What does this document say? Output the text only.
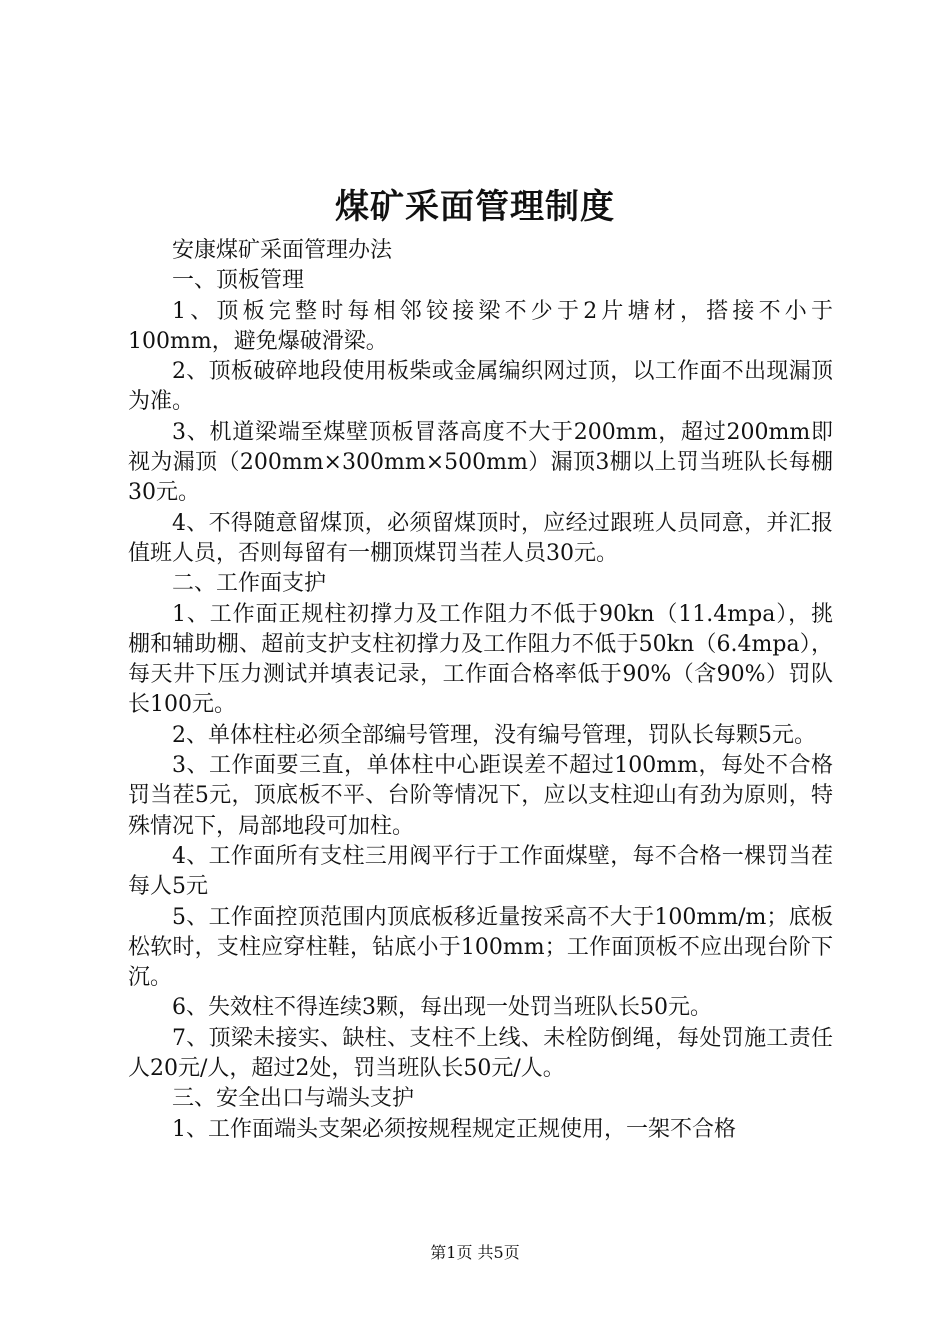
煤矿采面管理制度

安康煤矿采面管理办法

一、顶板管理

1、顶板完整时每相邻铰接梁不少于2片塘材，搭接不小于100mm，避免爆破滑梁。

2、顶板破碎地段使用板柴或金属编织网过顶，以工作面不出现漏顶为准。

3、机道梁端至煤壁顶板冒落高度不大于200mm，超过200mm即视为漏顶（200mm×300mm×500mm）漏顶3棚以上罚当班队长每棚30元。

4、不得随意留煤顶，必须留煤顶时，应经过跟班人员同意，并汇报值班人员，否则每留有一棚顶煤罚当茬人员30元。

二、工作面支护

1、工作面正规柱初撑力及工作阻力不低于90kn（11.4mpa），挑棚和辅助棚、超前支护支柱初撑力及工作阻力不低于50kn（6.4mpa），每天井下压力测试并填表记录，工作面合格率低于90%（含90%）罚队长100元。

2、单体柱柱必须全部编号管理，没有编号管理，罚队长每颗5元。

3、工作面要三直，单体柱中心距误差不超过100mm，每处不合格罚当茬5元，顶底板不平、台阶等情况下，应以支柱迎山有劲为原则，特殊情况下，局部地段可加柱。

4、工作面所有支柱三用阀平行于工作面煤壁，每不合格一棵罚当茬每人5元

5、工作面控顶范围内顶底板移近量按采高不大于100mm/m；底板松软时，支柱应穿柱鞋，钻底小于100mm；工作面顶板不应出现台阶下沉。

6、失效柱不得连续3颗，每出现一处罚当班队长50元。

7、顶梁未接实、缺柱、支柱不上线、未栓防倒绳，每处罚施工责任人20元/人，超过2处，罚当班队长50元/人。

三、安全出口与端头支护

1、工作面端头支架必须按规程规定正规使用，一架不合格

第1页 共5页
